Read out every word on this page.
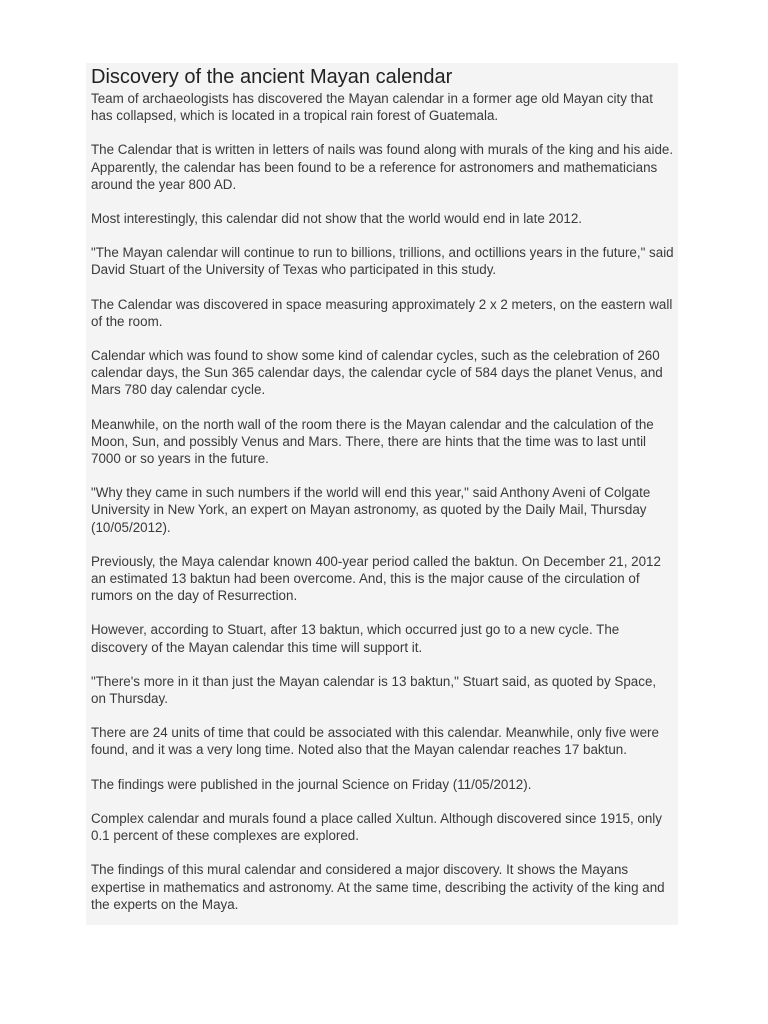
Discovery of the ancient Mayan calendar

Team of archaeologists has discovered the Mayan calendar in a former age old Mayan city that has collapsed, which is located in a tropical rain forest of Guatemala.

The Calendar that is written in letters of nails was found along with murals of the king and his aide. Apparently, the calendar has been found to be a reference for astronomers and mathematicians around the year 800 AD.

Most interestingly, this calendar did not show that the world would end in late 2012.

"The Mayan calendar will continue to run to billions, trillions, and octillions years in the future," said David Stuart of the University of Texas who participated in this study.

The Calendar was discovered in space measuring approximately 2 x 2 meters, on the eastern wall of the room.

Calendar which was found to show some kind of calendar cycles, such as the celebration of 260 calendar days, the Sun 365 calendar days, the calendar cycle of 584 days the planet Venus, and Mars 780 day calendar cycle.

Meanwhile, on the north wall of the room there is the Mayan calendar and the calculation of the Moon, Sun, and possibly Venus and Mars. There, there are hints that the time was to last until 7000 or so years in the future.

"Why they came in such numbers if the world will end this year," said Anthony Aveni of Colgate University in New York, an expert on Mayan astronomy, as quoted by the Daily Mail, Thursday (10/05/2012).

Previously, the Maya calendar known 400-year period called the baktun. On December 21, 2012 an estimated 13 baktun had been overcome. And, this is the major cause of the circulation of rumors on the day of Resurrection.

However, according to Stuart, after 13 baktun, which occurred just go to a new cycle. The discovery of the Mayan calendar this time will support it.

"There's more in it than just the Mayan calendar is 13 baktun," Stuart said, as quoted by Space, on Thursday.

There are 24 units of time that could be associated with this calendar. Meanwhile, only five were found, and it was a very long time. Noted also that the Mayan calendar reaches 17 baktun.

The findings were published in the journal Science on Friday (11/05/2012).

Complex calendar and murals found a place called Xultun. Although discovered since 1915, only 0.1 percent of these complexes are explored.

The findings of this mural calendar and considered a major discovery. It shows the Mayans expertise in mathematics and astronomy. At the same time, describing the activity of the king and the experts on the Maya.
